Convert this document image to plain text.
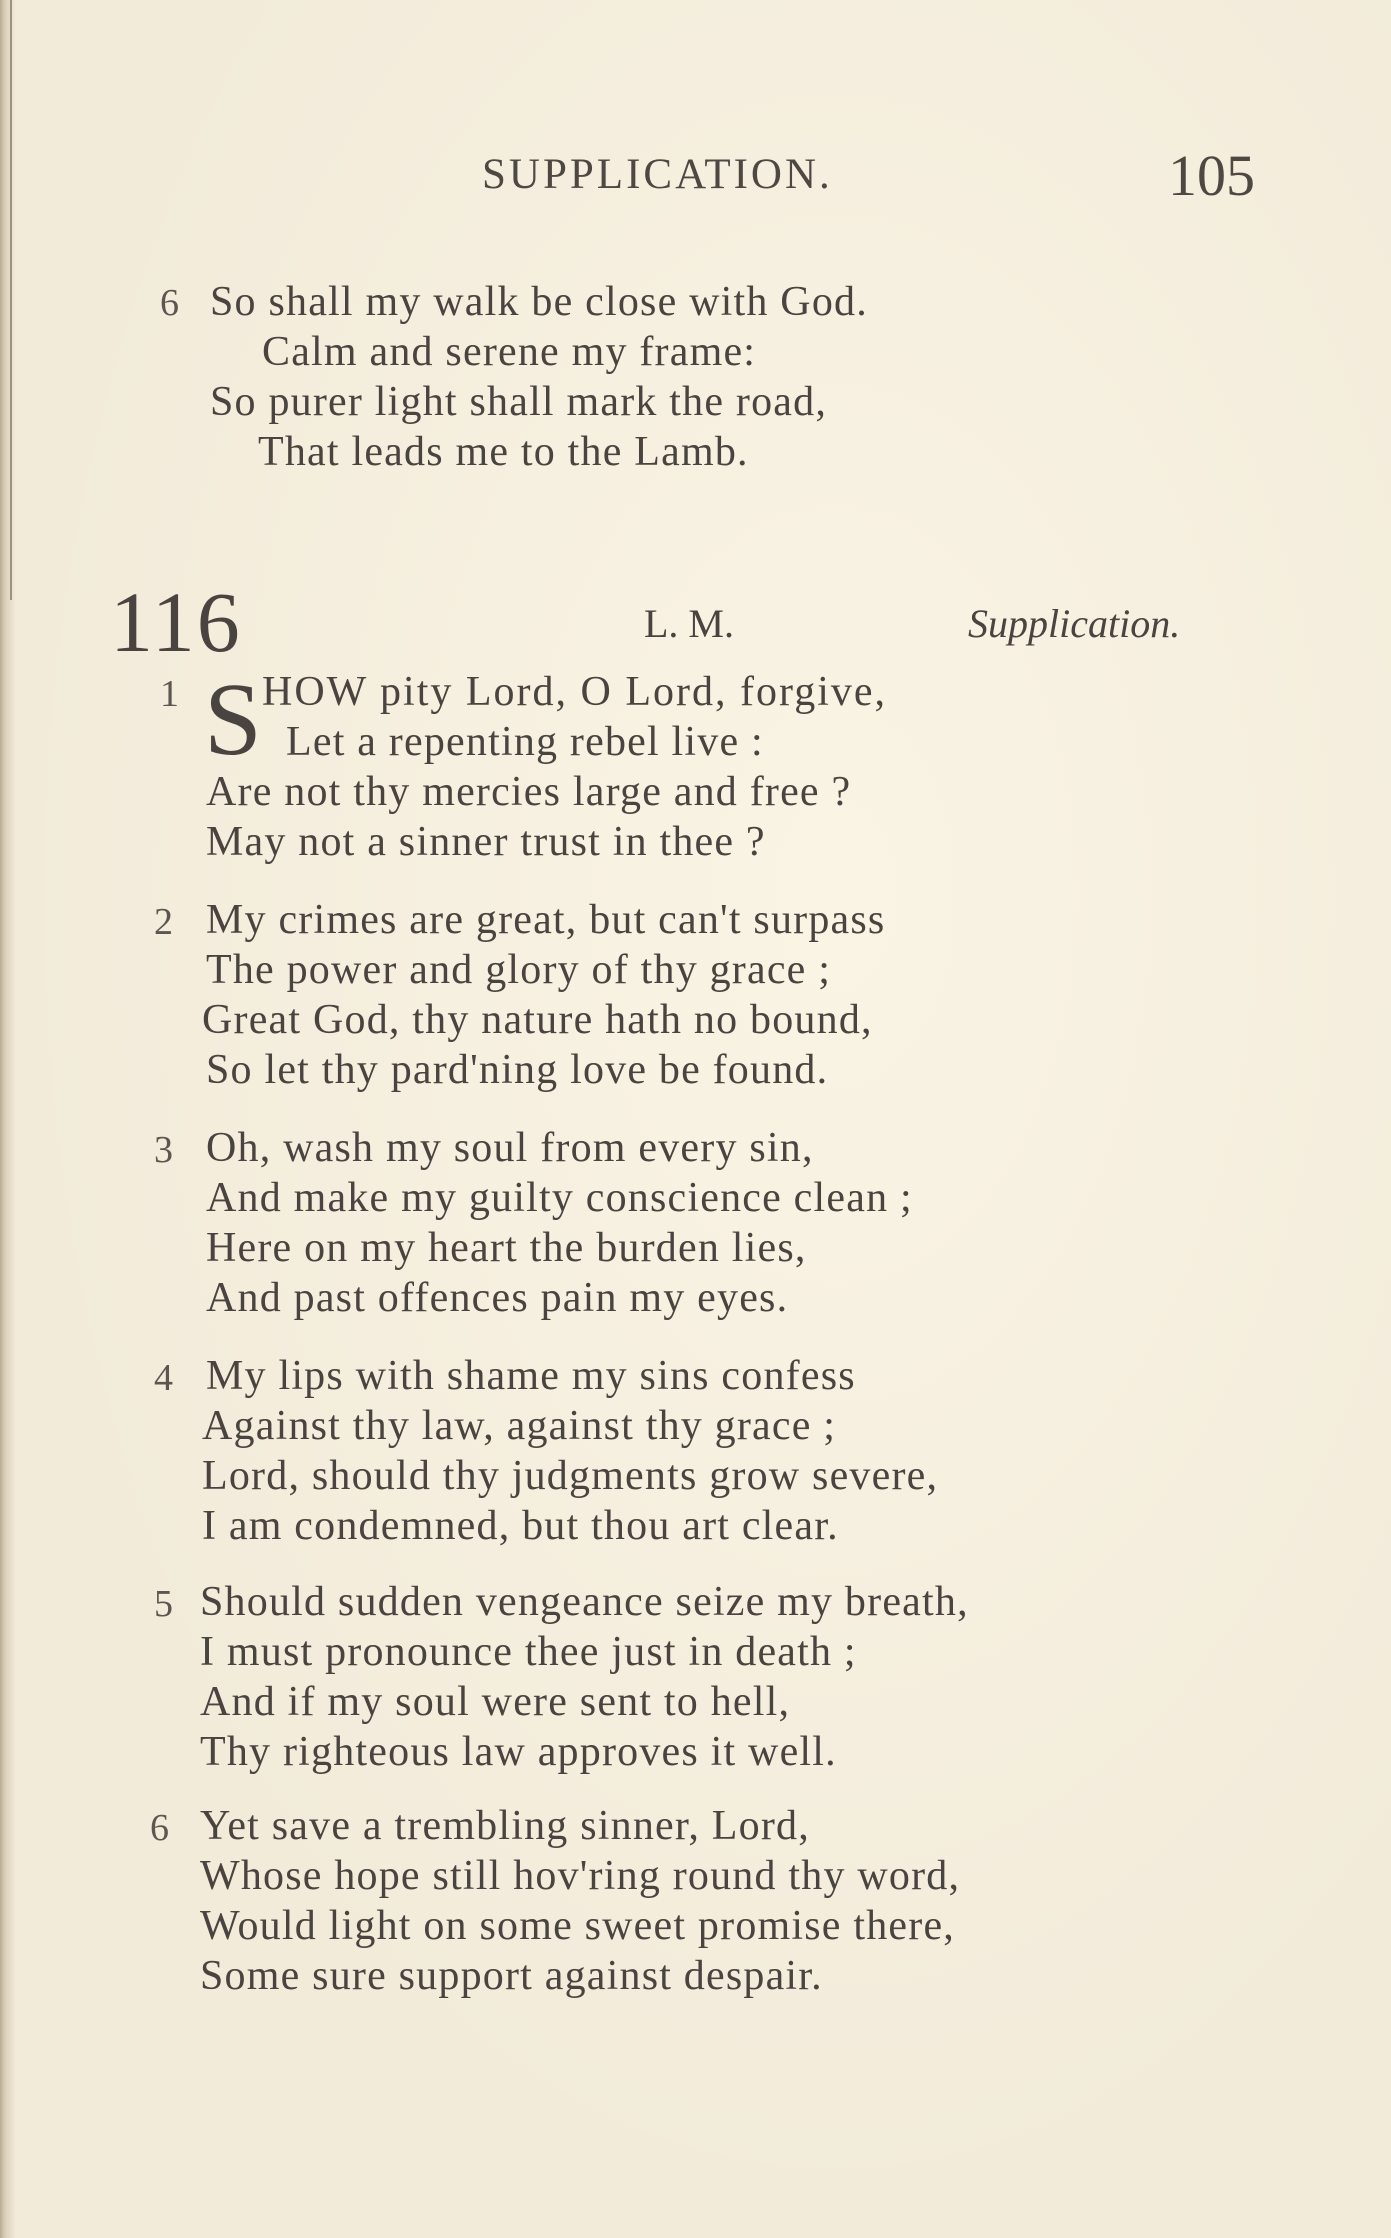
SUPPLICATION.	105
6 So shall my walk be close with God.
Calm and serene my frame:
So purer light shall mark the road,
That leads me to the Lamb.
116	L. M.	Supplication.
1 S HOW pity Lord, O Lord, forgive,
Let a repenting rebel live :
Are not thy mercies large and free ?
May not a sinner trust in thee ?
2 My crimes are great, but can't surpass
The power and glory of thy grace ;
Great God, thy nature hath no bound,
So let thy pard'ning love be found.
3 Oh, wash my soul from every sin,
And make my guilty conscience clean ;
Here on my heart the burden lies,
And past offences pain my eyes.
4 My lips with shame my sins confess
Against thy law, against thy grace ;
Lord, should thy judgments grow severe,
I am condemned, but thou art clear.
5 Should sudden vengeance seize my breath,
I must pronounce thee just in death ;
And if my soul were sent to hell,
Thy righteous law approves it well.
6 Yet save a trembling sinner, Lord,
Whose hope still hov'ring round thy word,
Would light on some sweet promise there,
Some sure support against despair.
